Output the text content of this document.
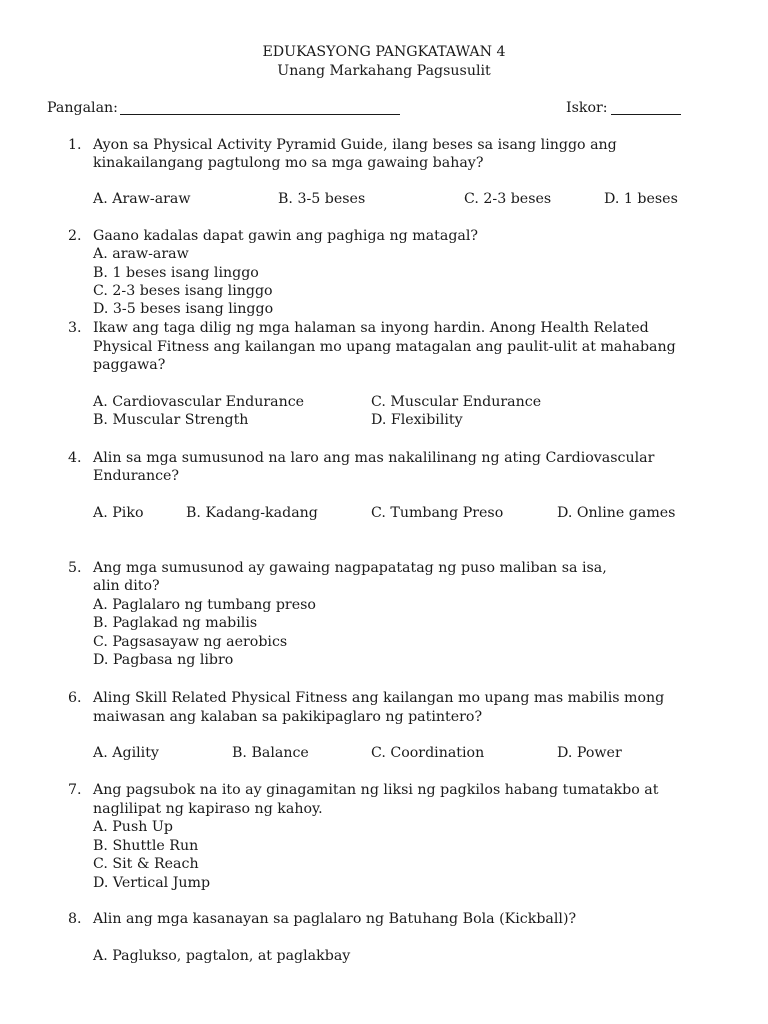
EDUKASYONG PANGKATAWAN 4
Unang Markahang Pagsusulit
Pangalan:	Iskor:
1. Ayon sa Physical Activity Pyramid Guide, ilang beses sa isang linggo ang
kinakailangang pagtulong mo sa mga gawaing bahay?
A. Araw-araw	B. 3-5 beses	C. 2-3 beses	D. 1 beses
2. Gaano kadalas dapat gawin ang paghiga ng matagal?
A. araw-araw
B. 1 beses isang linggo
C. 2-3 beses isang linggo
D. 3-5 beses isang linggo
3. Ikaw ang taga dilig ng mga halaman sa inyong hardin. Anong Health Related
Physical Fitness ang kailangan mo upang matagalan ang paulit-ulit at mahabang
paggawa?
A. Cardiovascular Endurance	C. Muscular Endurance
B. Muscular Strength	D. Flexibility
4. Alin sa mga sumusunod na laro ang mas nakalilinang ng ating Cardiovascular
Endurance?
A. Piko	B. Kadang-kadang	C. Tumbang Preso	D. Online games
5. Ang mga sumusunod ay gawaing nagpapatatag ng puso maliban sa isa,
alin dito?
A. Paglalaro ng tumbang preso
B. Paglakad ng mabilis
C. Pagsasayaw ng aerobics
D. Pagbasa ng libro
6. Aling Skill Related Physical Fitness ang kailangan mo upang mas mabilis mong
maiwasan ang kalaban sa pakikipaglaro ng patintero?
A. Agility	B. Balance	C. Coordination	D. Power
7. Ang pagsubok na ito ay ginagamitan ng liksi ng pagkilos habang tumatakbo at
naglilipat ng kapiraso ng kahoy.
A. Push Up
B. Shuttle Run
C. Sit & Reach
D. Vertical Jump
8. Alin ang mga kasanayan sa paglalaro ng Batuhang Bola (Kickball)?
A. Paglukso, pagtalon, at paglakbay
